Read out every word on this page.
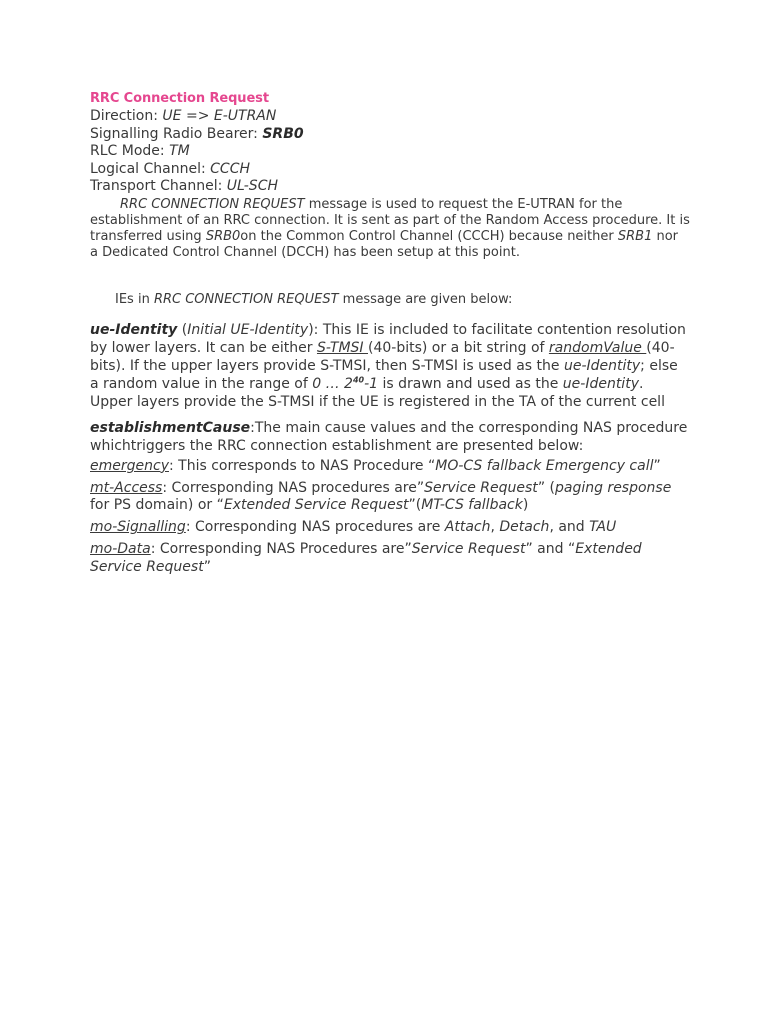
RRC Connection Request
Direction: UE => E-UTRAN
Signalling Radio Bearer: SRB0
RLC Mode: TM
Logical Channel: CCCH
Transport Channel: UL-SCH
RRC CONNECTION REQUEST message is used to request the E-UTRAN for the establishment of an RRC connection. It is sent as part of the Random Access procedure. It is transferred using SRB0on the Common Control Channel (CCCH) because neither SRB1 nor a Dedicated Control Channel (DCCH) has been setup at this point.
IEs in RRC CONNECTION REQUEST message are given below:
ue-Identity (Initial UE-Identity): This IE is included to facilitate contention resolution by lower layers. It can be either S-TMSI (40-bits) or a bit string of randomValue (40-bits). If the upper layers provide S-TMSI, then S-TMSI is used as the ue-Identity; else a random value in the range of 0 … $2^{40}-1$ is drawn and used as the ue-Identity. Upper layers provide the S-TMSI if the UE is registered in the TA of the current cell
establishmentCause:The main cause values and the corresponding NAS procedure whichtriggers the RRC connection establishment are presented below:
emergency: This corresponds to NAS Procedure “MO-CS fallback Emergency call”
mt-Access: Corresponding NAS procedures are”Service Request” (paging response for PS domain) or “Extended Service Request”(MT-CS fallback)
mo-Signalling: Corresponding NAS procedures are Attach, Detach, and TAU
mo-Data: Corresponding NAS Procedures are”Service Request” and “Extended Service Request”
